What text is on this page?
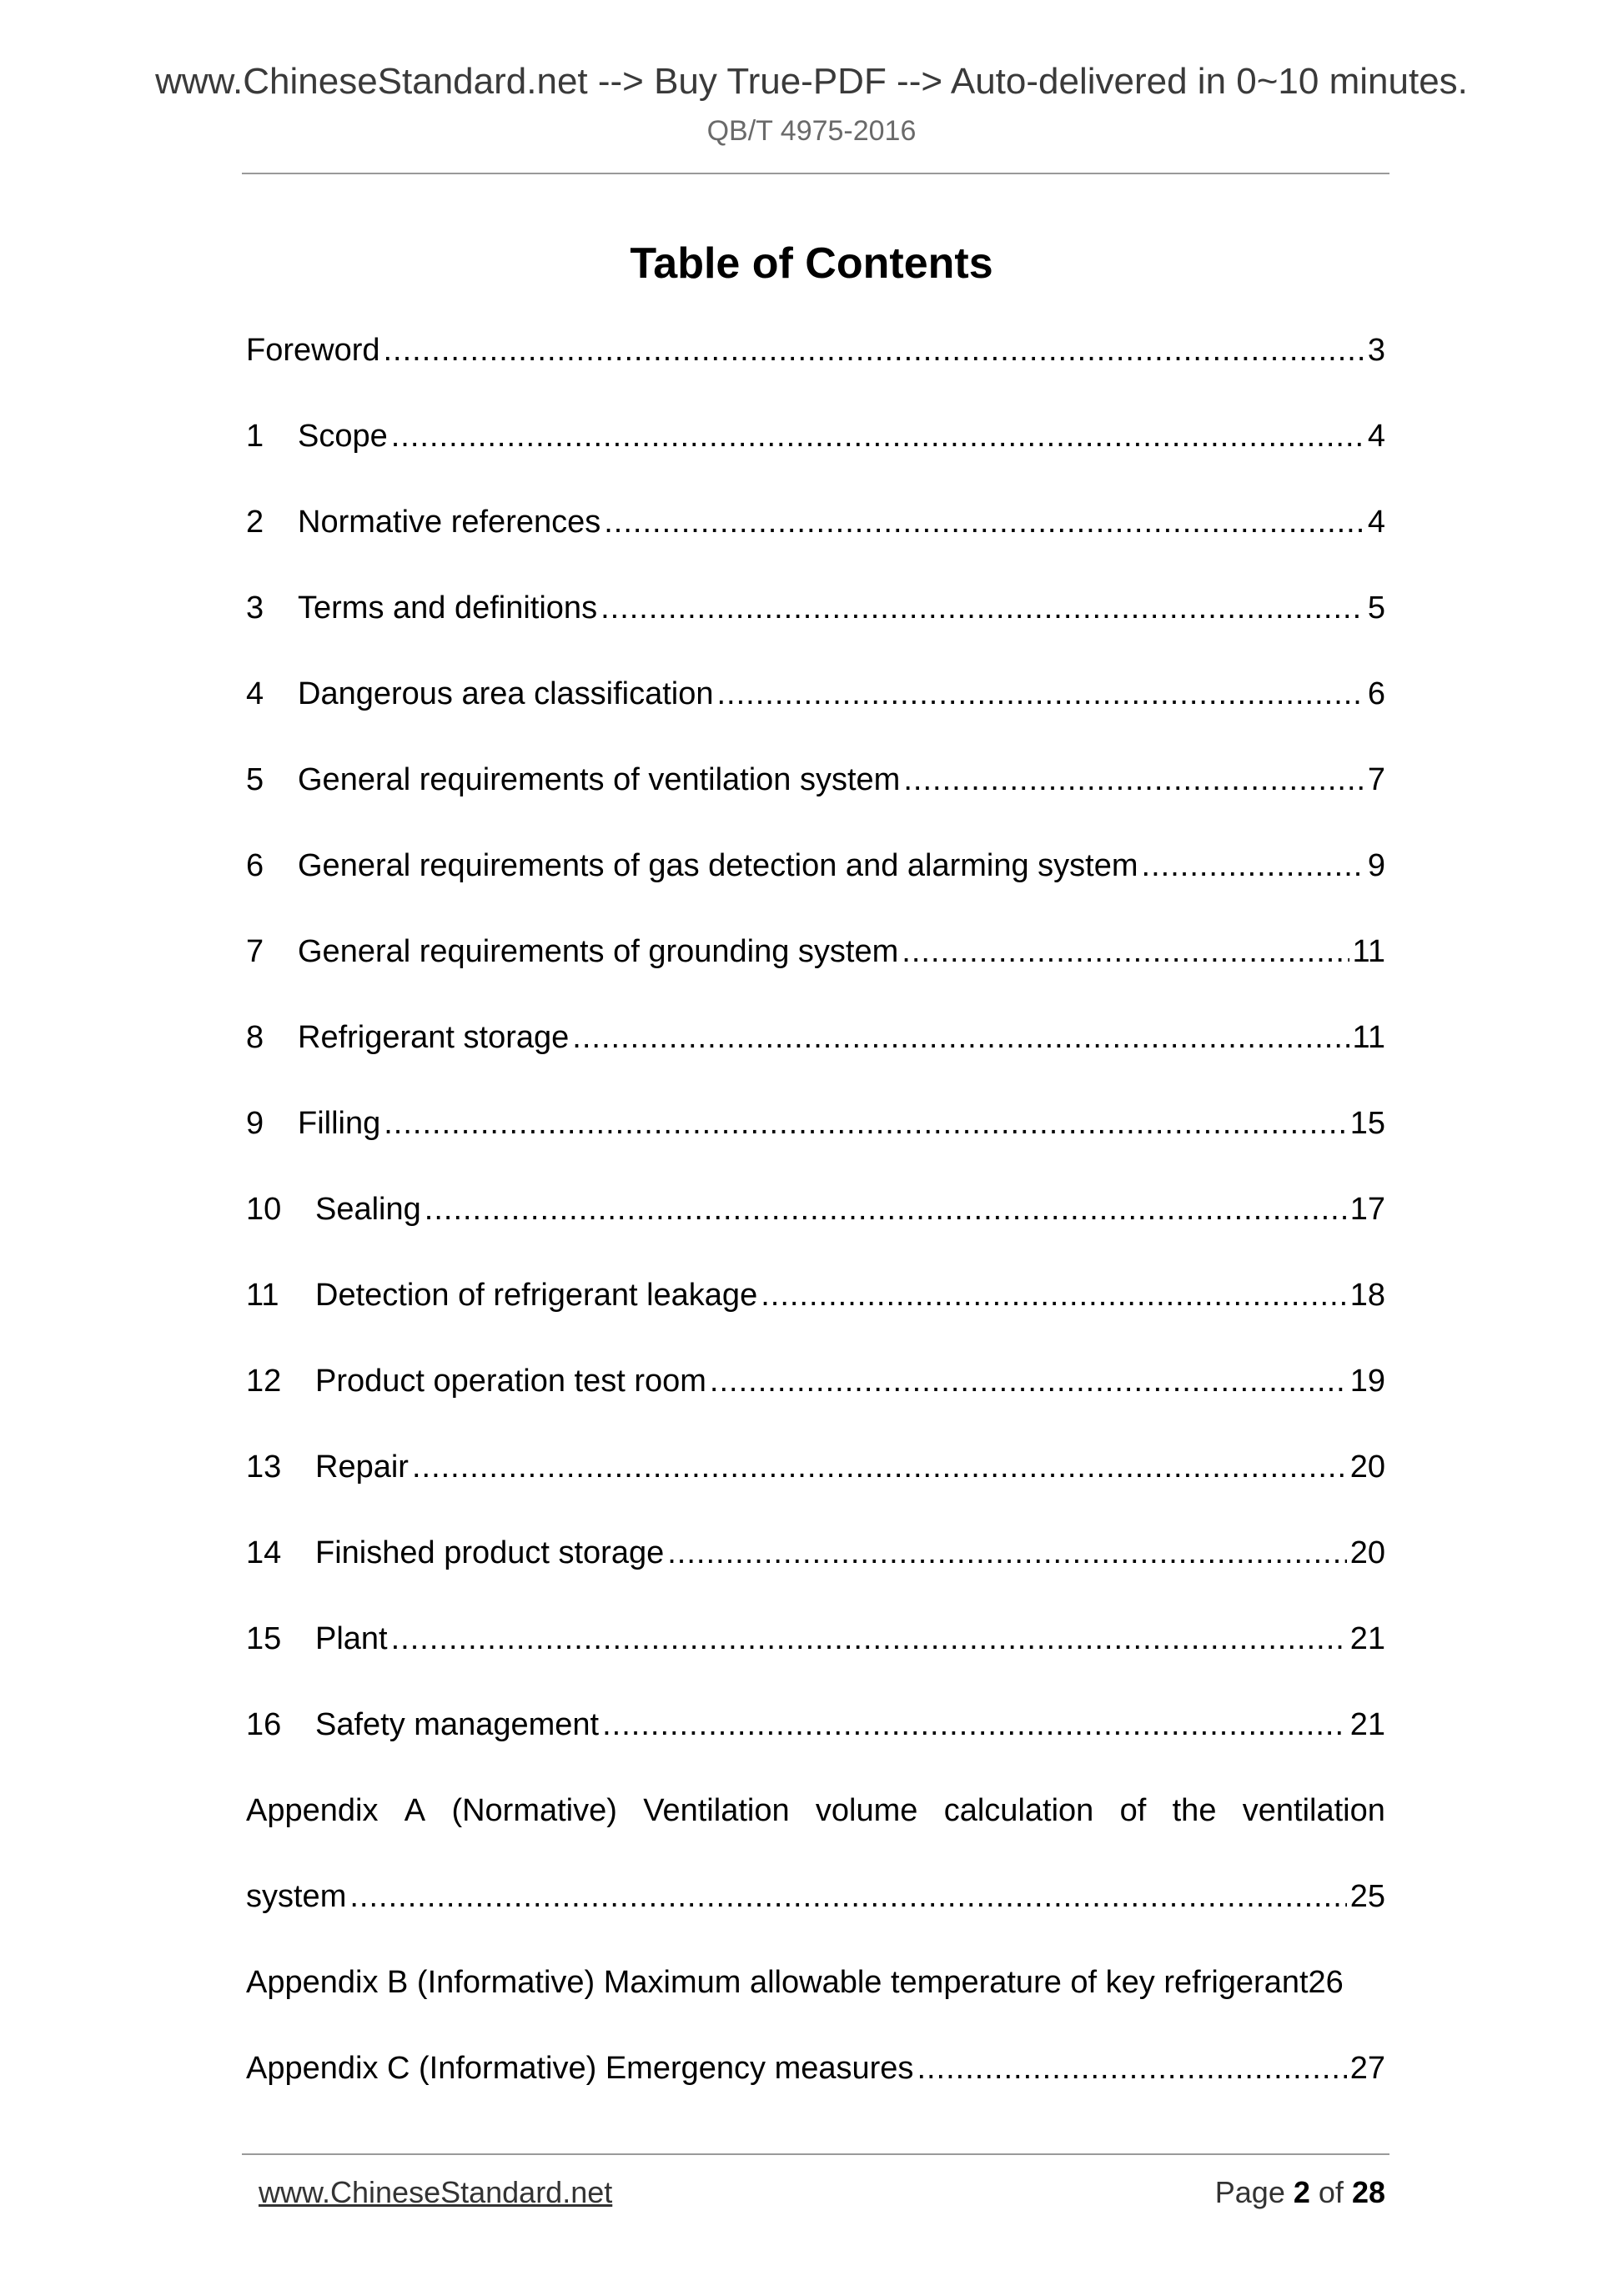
www.ChineseStandard.net --> Buy True-PDF --> Auto-delivered in 0~10 minutes.
QB/T 4975-2016
Table of Contents
Foreword .....	3
1	Scope .....	4
2	Normative references .....	4
3	Terms and definitions .....	5
4	Dangerous area classification .....	6
5	General requirements of ventilation system .....	7
6	General requirements of gas detection and alarming system .....	9
7	General requirements of grounding system .....	11
8	Refrigerant storage .....	11
9	Filling .....	15
10	Sealing .....	17
11	Detection of refrigerant leakage .....	18
12	Product operation test room .....	19
13	Repair .....	20
14	Finished product storage .....	20
15	Plant .....	21
16	Safety management .....	21
Appendix A (Normative) Ventilation volume calculation of the ventilation
system .....	25
Appendix B (Informative) Maximum allowable temperature of key refrigerant 26
Appendix C (Informative) Emergency measures .....	27
www.ChineseStandard.net	Page 2 of 28
